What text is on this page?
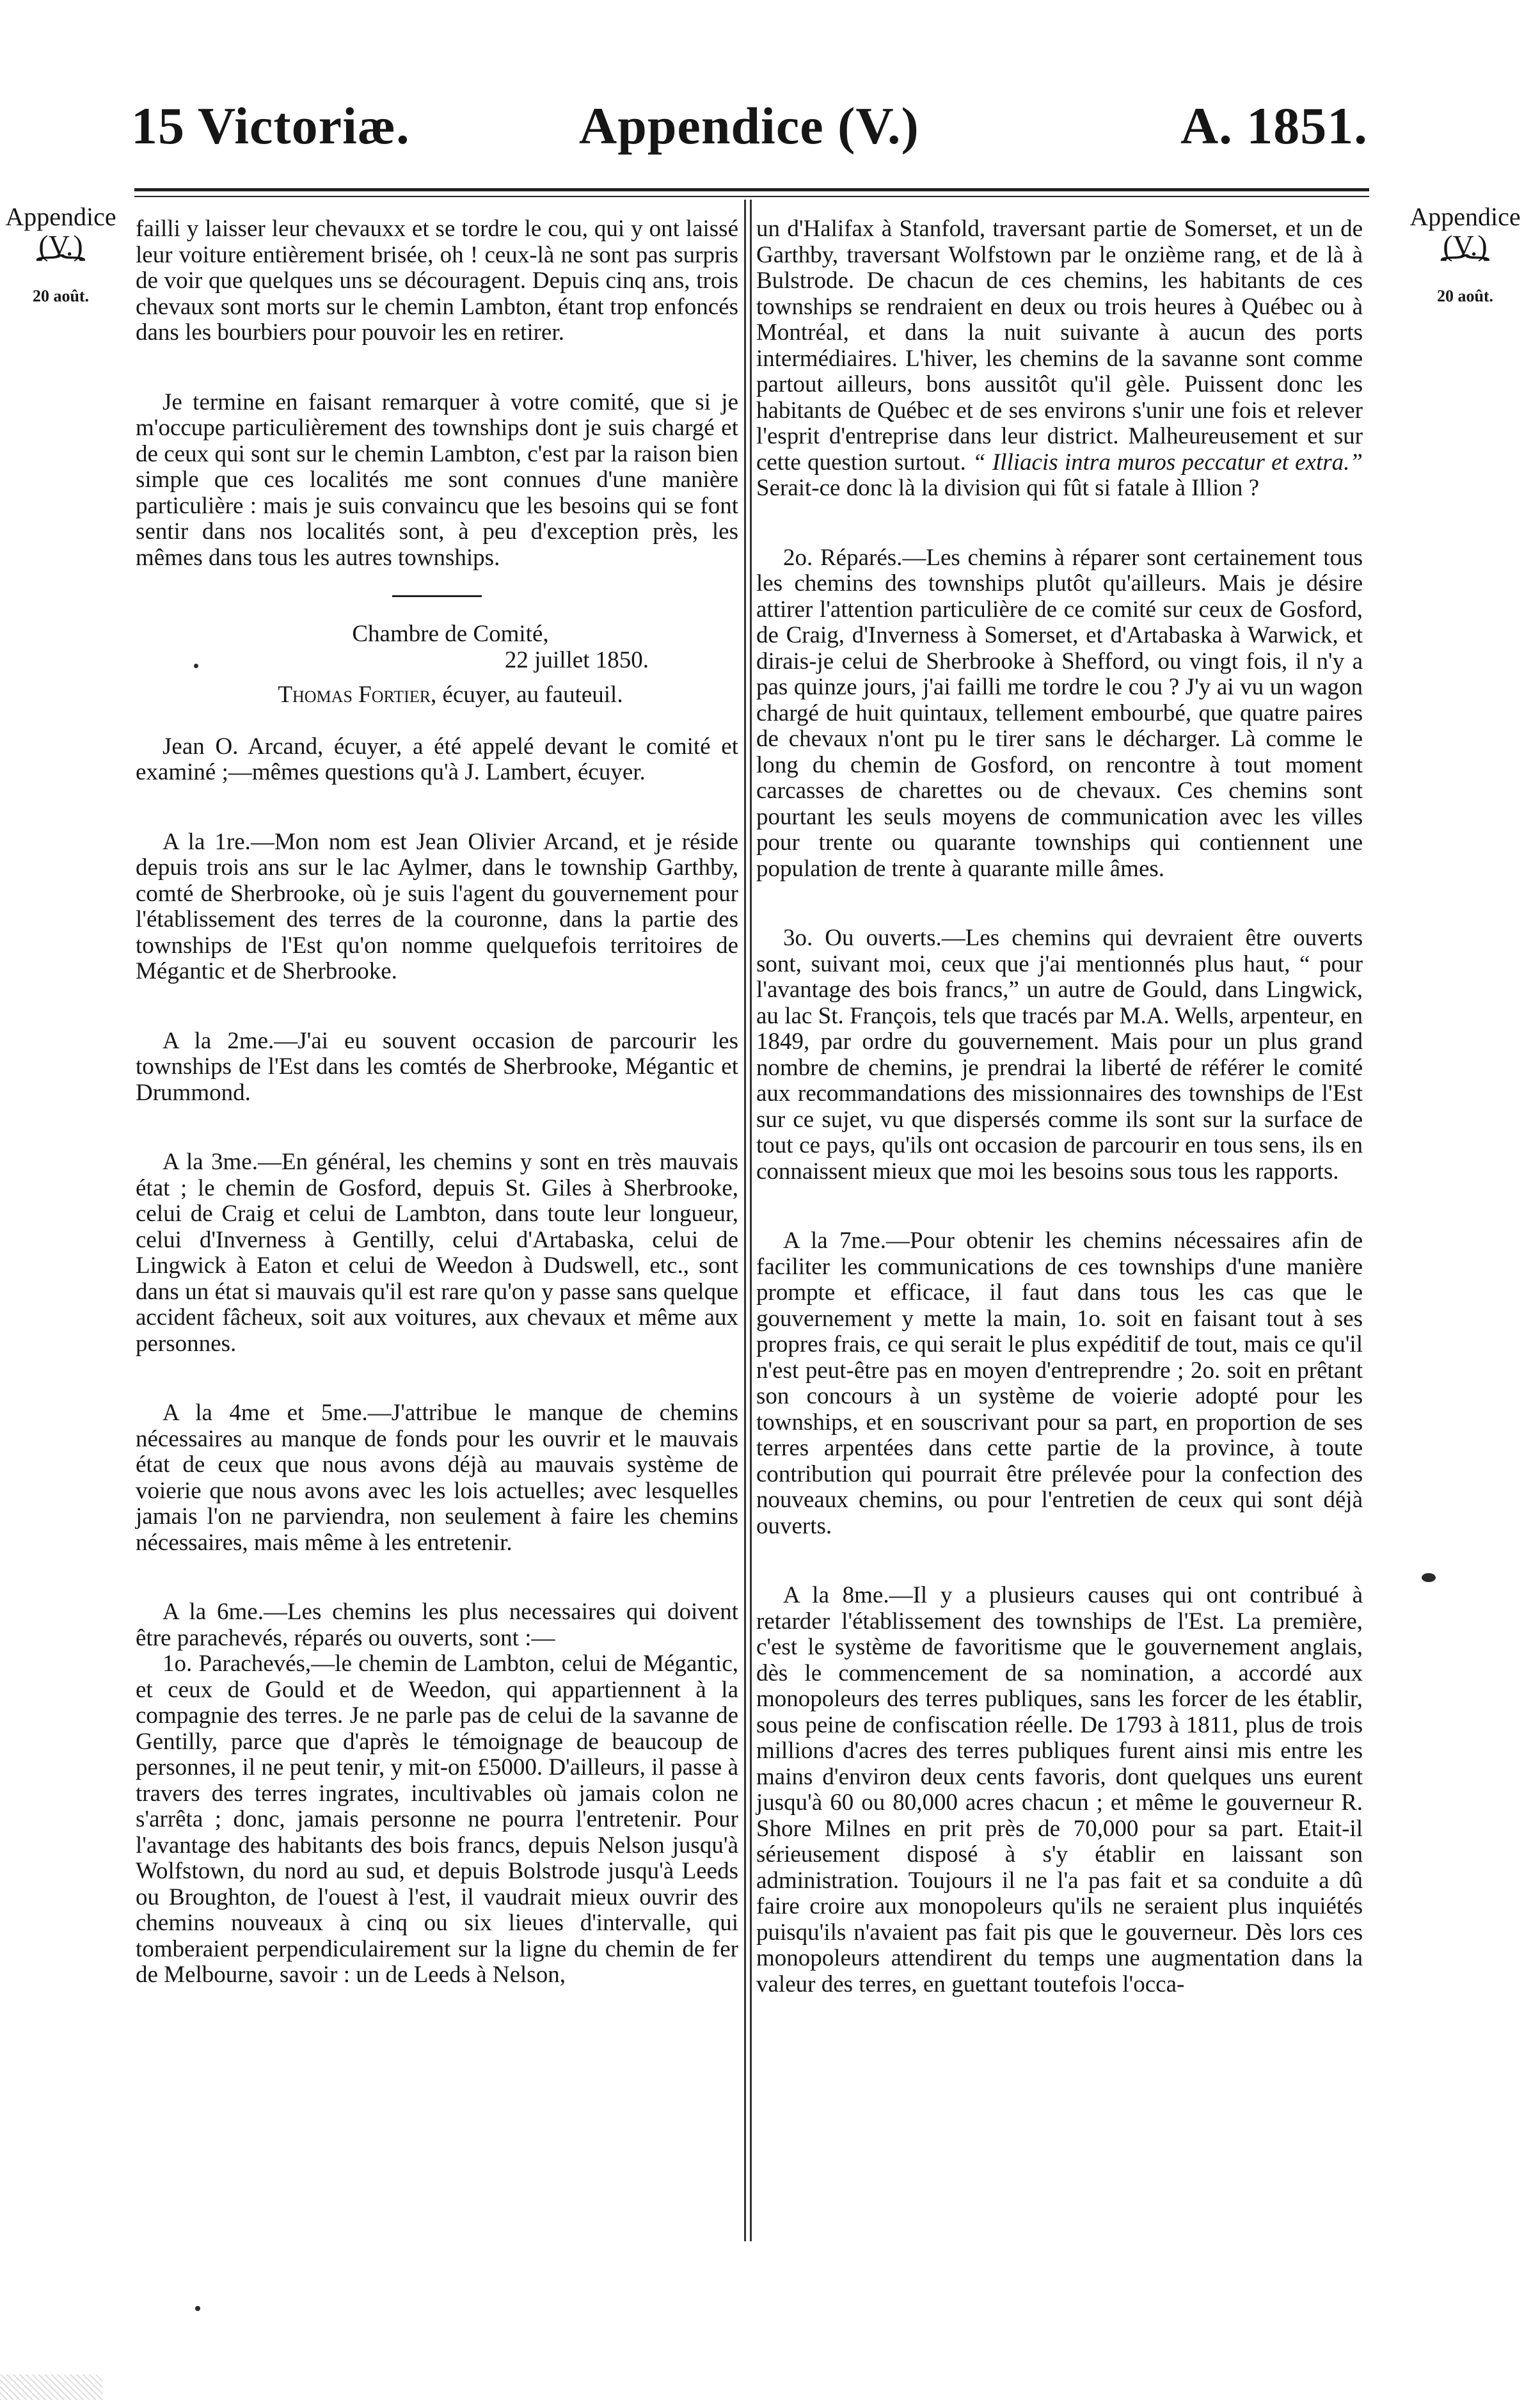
15 Victoriæ.	Appendice (V.)	A. 1851.
Appendice
(V.)
⏞
20 août.
Appendice
(V.)
⏞
20 août.

failli y laisser leur chevauxx et se tordre le cou, qui y ont laissé leur voiture entièrement brisée, oh ! ceux-là ne sont pas surpris de voir que quelques uns se découragent. Depuis cinq ans, trois chevaux sont morts sur le chemin Lambton, étant trop enfoncés dans les bourbiers pour pouvoir les en retirer.

Je termine en faisant remarquer à votre comité, que si je m'occupe particulièrement des townships dont je suis chargé et de ceux qui sont sur le chemin Lambton, c'est par la raison bien simple que ces localités me sont connues d'une manière particulière : mais je suis convaincu que les besoins qui se font sentir dans nos localités sont, à peu d'exception près, les mêmes dans tous les autres townships.

Chambre de Comité,

22 juillet 1850.

Thomas Fortier, écuyer, au fauteuil.

Jean O. Arcand, écuyer, a été appelé devant le comité et examiné ;—mêmes questions qu'à J. Lambert, écuyer.

A la 1re.—Mon nom est Jean Olivier Arcand, et je réside depuis trois ans sur le lac Aylmer, dans le township Garthby, comté de Sherbrooke, où je suis l'agent du gouvernement pour l'établissement des terres de la couronne, dans la partie des townships de l'Est qu'on nomme quelquefois territoires de Mégantic et de Sherbrooke.

A la 2me.—J'ai eu souvent occasion de parcourir les townships de l'Est dans les comtés de Sherbrooke, Mégantic et Drummond.

A la 3me.—En général, les chemins y sont en très mauvais état ; le chemin de Gosford, depuis St. Giles à Sherbrooke, celui de Craig et celui de Lambton, dans toute leur longueur, celui d'Inverness à Gentilly, celui d'Artabaska, celui de Lingwick à Eaton et celui de Weedon à Dudswell, etc., sont dans un état si mauvais qu'il est rare qu'on y passe sans quelque accident fâcheux, soit aux voitures, aux chevaux et même aux personnes.

A la 4me et 5me.—J'attribue le manque de chemins nécessaires au manque de fonds pour les ouvrir et le mauvais état de ceux que nous avons déjà au mauvais système de voierie que nous avons avec les lois actuelles; avec lesquelles jamais l'on ne parviendra, non seulement à faire les chemins nécessaires, mais même à les entretenir.

A la 6me.—Les chemins les plus necessaires qui doivent être parachevés, réparés ou ouverts, sont :—

1o. Parachevés,—le chemin de Lambton, celui de Mégantic, et ceux de Gould et de Weedon, qui appartiennent à la compagnie des terres. Je ne parle pas de celui de la savanne de Gentilly, parce que d'après le témoignage de beaucoup de personnes, il ne peut tenir, y mit-on £5000. D'ailleurs, il passe à travers des terres ingrates, incultivables où jamais colon ne s'arrêta ; donc, jamais personne ne pourra l'entretenir. Pour l'avantage des habitants des bois francs, depuis Nelson jusqu'à Wolfstown, du nord au sud, et depuis Bolstrode jusqu'à Leeds ou Broughton, de l'ouest à l'est, il vaudrait mieux ouvrir des chemins nouveaux à cinq ou six lieues d'intervalle, qui tomberaient perpendiculairement sur la ligne du chemin de fer de Melbourne, savoir : un de Leeds à Nelson,

un d'Halifax à Stanfold, traversant partie de Somerset, et un de Garthby, traversant Wolfstown par le onzième rang, et de là à Bulstrode. De chacun de ces chemins, les habitants de ces townships se rendraient en deux ou trois heures à Québec ou à Montréal, et dans la nuit suivante à aucun des ports intermédiaires. L'hiver, les chemins de la savanne sont comme partout ailleurs, bons aussitôt qu'il gèle. Puissent donc les habitants de Québec et de ses environs s'unir une fois et relever l'esprit d'entreprise dans leur district. Malheureusement et sur cette question surtout. “ Illiacis intra muros peccatur et extra.” Serait-ce donc là la division qui fût si fatale à Illion ?

2o. Réparés.—Les chemins à réparer sont certainement tous les chemins des townships plutôt qu'ailleurs. Mais je désire attirer l'attention particulière de ce comité sur ceux de Gosford, de Craig, d'Inverness à Somerset, et d'Artabaska à Warwick, et dirais-je celui de Sherbrooke à Shefford, ou vingt fois, il n'y a pas quinze jours, j'ai failli me tordre le cou ? J'y ai vu un wagon chargé de huit quintaux, tellement embourbé, que quatre paires de chevaux n'ont pu le tirer sans le décharger. Là comme le long du chemin de Gosford, on rencontre à tout moment carcasses de charettes ou de chevaux. Ces chemins sont pourtant les seuls moyens de communication avec les villes pour trente ou quarante townships qui contiennent une population de trente à quarante mille âmes.

3o. Ou ouverts.—Les chemins qui devraient être ouverts sont, suivant moi, ceux que j'ai mentionnés plus haut, “ pour l'avantage des bois francs,” un autre de Gould, dans Lingwick, au lac St. François, tels que tracés par M.A. Wells, arpenteur, en 1849, par ordre du gouvernement. Mais pour un plus grand nombre de chemins, je prendrai la liberté de référer le comité aux recommandations des missionnaires des townships de l'Est sur ce sujet, vu que dispersés comme ils sont sur la surface de tout ce pays, qu'ils ont occasion de parcourir en tous sens, ils en connaissent mieux que moi les besoins sous tous les rapports.

A la 7me.—Pour obtenir les chemins nécessaires afin de faciliter les communications de ces townships d'une manière prompte et efficace, il faut dans tous les cas que le gouvernement y mette la main, 1o. soit en faisant tout à ses propres frais, ce qui serait le plus expéditif de tout, mais ce qu'il n'est peut-être pas en moyen d'entreprendre ; 2o. soit en prêtant son concours à un système de voierie adopté pour les townships, et en souscrivant pour sa part, en proportion de ses terres arpentées dans cette partie de la province, à toute contribution qui pourrait être prélevée pour la confection des nouveaux chemins, ou pour l'entretien de ceux qui sont déjà ouverts.

A la 8me.—Il y a plusieurs causes qui ont contribué à retarder l'établissement des townships de l'Est. La première, c'est le système de favoritisme que le gouvernement anglais, dès le commencement de sa nomination, a accordé aux monopoleurs des terres publiques, sans les forcer de les établir, sous peine de confiscation réelle. De 1793 à 1811, plus de trois millions d'acres des terres publiques furent ainsi mis entre les mains d'environ deux cents favoris, dont quelques uns eurent jusqu'à 60 ou 80,000 acres chacun ; et même le gouverneur R. Shore Milnes en prit près de 70,000 pour sa part. Etait-il sérieusement disposé à s'y établir en laissant son administration. Toujours il ne l'a pas fait et sa conduite a dû faire croire aux monopoleurs qu'ils ne seraient plus inquiétés puisqu'ils n'avaient pas fait pis que le gouverneur. Dès lors ces monopoleurs attendirent du temps une augmentation dans la valeur des terres, en guettant toutefois l'occa-
